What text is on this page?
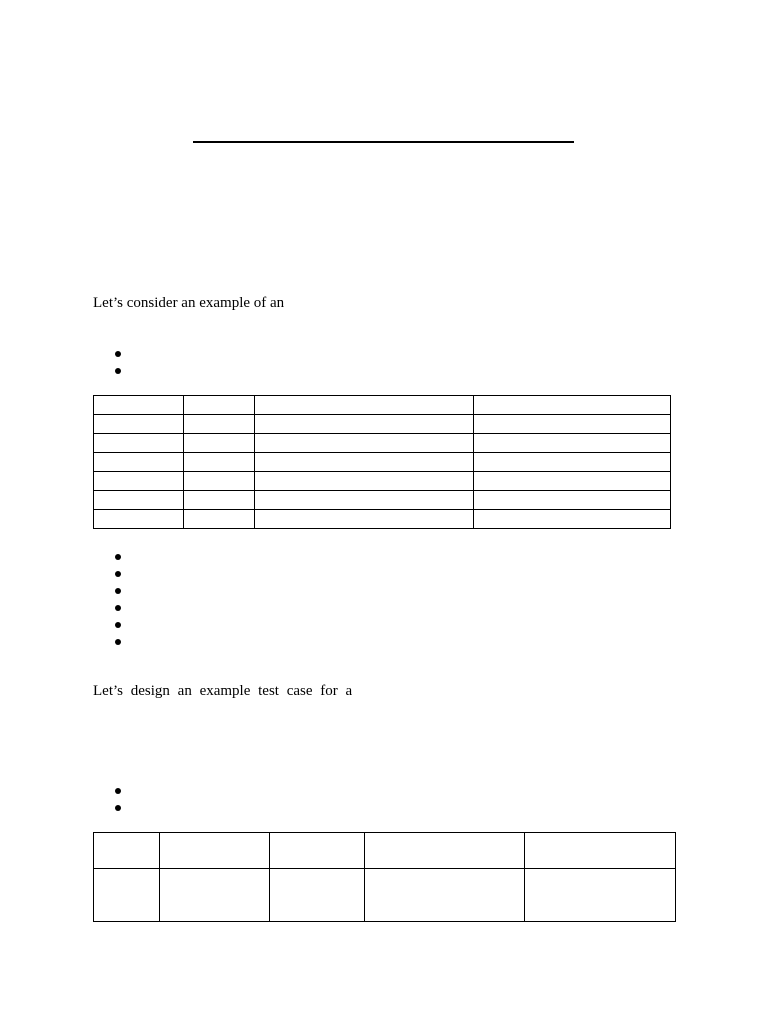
Let’s consider an example of an

Let’s design an example test case for a
